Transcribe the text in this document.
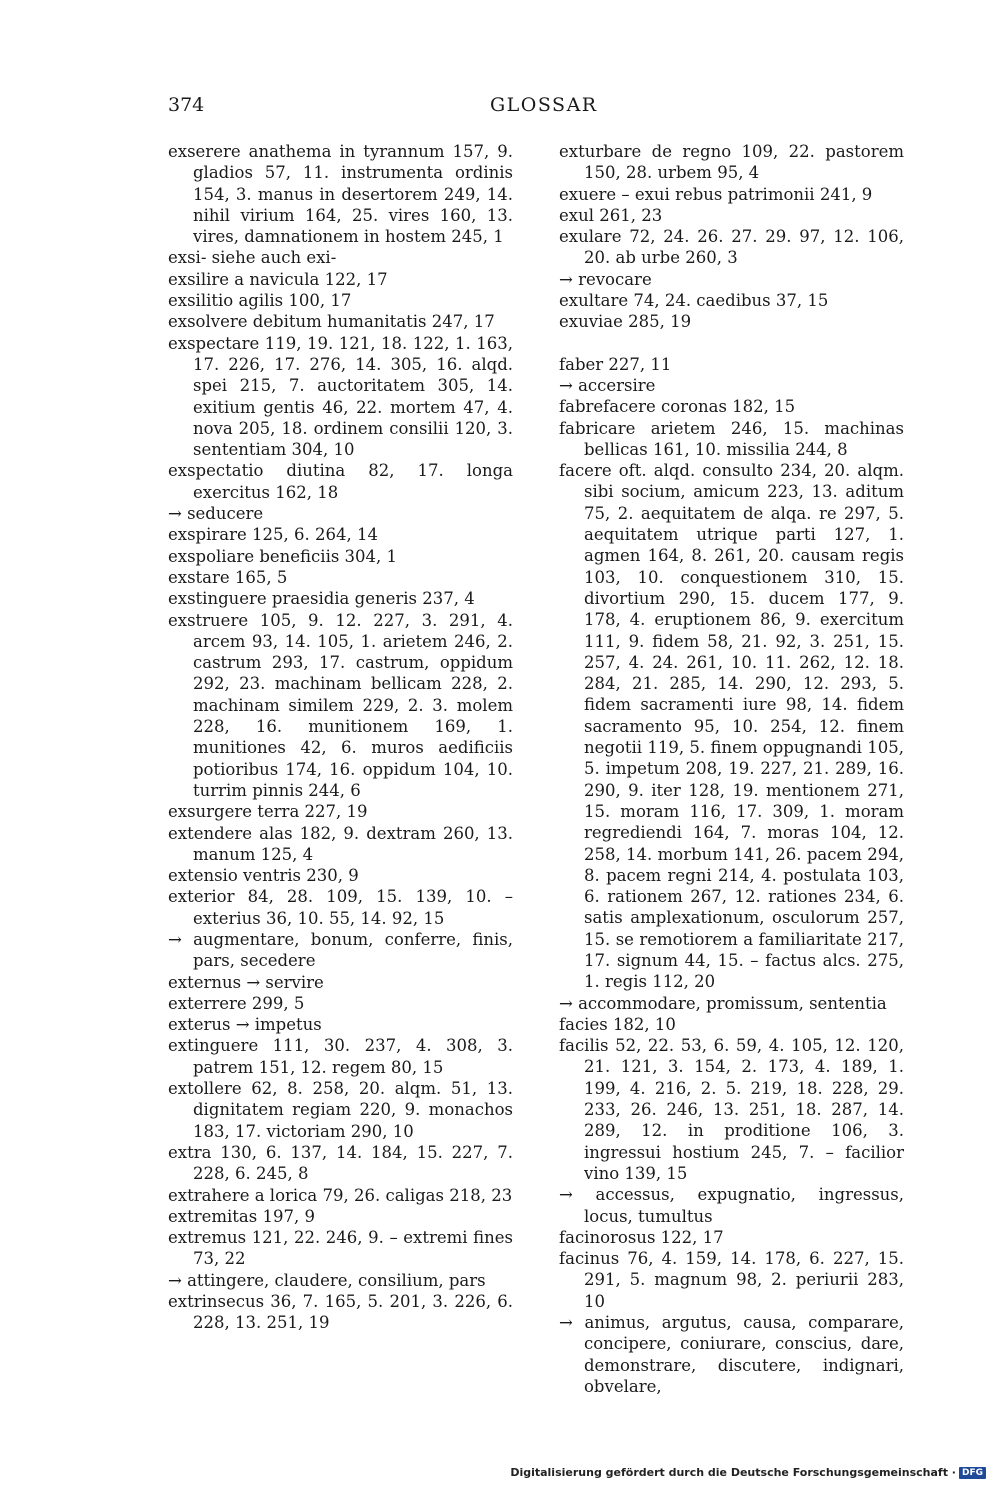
374	GLOSSAR

exserere anathema in tyrannum 157, 9. gladios 57, 11. instrumenta ordinis 154, 3. manus in desertorem 249, 14. nihil virium 164, 25. vires 160, 13. vires, damnationem in hostem 245, 1

exsi- siehe auch exi-

exsilire a navicula 122, 17

exsilitio agilis 100, 17

exsolvere debitum humanitatis 247, 17

exspectare 119, 19. 121, 18. 122, 1. 163, 17. 226, 17. 276, 14. 305, 16. alqd. spei 215, 7. auctoritatem 305, 14. exitium gentis 46, 22. mortem 47, 4. nova 205, 18. ordinem consilii 120, 3. sententiam 304, 10

exspectatio diutina 82, 17. longa exercitus 162, 18

→ seducere

exspirare 125, 6. 264, 14

exspoliare beneficiis 304, 1

exstare 165, 5

exstinguere praesidia generis 237, 4

exstruere 105, 9. 12. 227, 3. 291, 4. arcem 93, 14. 105, 1. arietem 246, 2. castrum 293, 17. castrum, oppidum 292, 23. machinam bellicam 228, 2. machinam similem 229, 2. 3. molem 228, 16. munitionem 169, 1. munitiones 42, 6. muros aedificiis potioribus 174, 16. oppidum 104, 10. turrim pinnis 244, 6

exsurgere terra 227, 19

extendere alas 182, 9. dextram 260, 13. manum 125, 4

extensio ventris 230, 9

exterior 84, 28. 109, 15. 139, 10. – exterius 36, 10. 55, 14. 92, 15

→ augmentare, bonum, conferre, finis, pars, secedere

externus → servire

exterrere 299, 5

exterus → impetus

extinguere 111, 30. 237, 4. 308, 3. patrem 151, 12. regem 80, 15

extollere 62, 8. 258, 20. alqm. 51, 13. dignitatem regiam 220, 9. monachos 183, 17. victoriam 290, 10

extra 130, 6. 137, 14. 184, 15. 227, 7. 228, 6. 245, 8

extrahere a lorica 79, 26. caligas 218, 23

extremitas 197, 9

extremus 121, 22. 246, 9. – extremi fines 73, 22

→ attingere, claudere, consilium, pars

extrinsecus 36, 7. 165, 5. 201, 3. 226, 6. 228, 13. 251, 19

exturbare de regno 109, 22. pastorem 150, 28. urbem 95, 4

exuere – exui rebus patrimonii 241, 9

exul 261, 23

exulare 72, 24. 26. 27. 29. 97, 12. 106, 20. ab urbe 260, 3

→ revocare

exultare 74, 24. caedibus 37, 15

exuviae 285, 19

faber 227, 11

→ accersire

fabrefacere coronas 182, 15

fabricare arietem 246, 15. machinas bellicas 161, 10. missilia 244, 8

facere oft. alqd. consulto 234, 20. alqm. sibi socium, amicum 223, 13. aditum 75, 2. aequitatem de alqa. re 297, 5. aequitatem utrique parti 127, 1. agmen 164, 8. 261, 20. causam regis 103, 10. conquestionem 310, 15. divortium 290, 15. ducem 177, 9. 178, 4. eruptionem 86, 9. exercitum 111, 9. fidem 58, 21. 92, 3. 251, 15. 257, 4. 24. 261, 10. 11. 262, 12. 18. 284, 21. 285, 14. 290, 12. 293, 5. fidem sacramenti iure 98, 14. fidem sacramento 95, 10. 254, 12. finem negotii 119, 5. finem oppugnandi 105, 5. impetum 208, 19. 227, 21. 289, 16. 290, 9. iter 128, 19. mentionem 271, 15. moram 116, 17. 309, 1. moram regrediendi 164, 7. moras 104, 12. 258, 14. morbum 141, 26. pacem 294, 8. pacem regni 214, 4. postulata 103, 6. rationem 267, 12. rationes 234, 6. satis amplexationum, osculorum 257, 15. se remotiorem a familiaritate 217, 17. signum 44, 15. – factus alcs. 275, 1. regis 112, 20

→ accommodare, promissum, sententia

facies 182, 10

facilis 52, 22. 53, 6. 59, 4. 105, 12. 120, 21. 121, 3. 154, 2. 173, 4. 189, 1. 199, 4. 216, 2. 5. 219, 18. 228, 29. 233, 26. 246, 13. 251, 18. 287, 14. 289, 12. in proditione 106, 3. ingressui hostium 245, 7. – facilior vino 139, 15

→ accessus, expugnatio, ingressus, locus, tumultus

facinorosus 122, 17

facinus 76, 4. 159, 14. 178, 6. 227, 15. 291, 5. magnum 98, 2. periurii 283, 10

→ animus, argutus, causa, comparare, concipere, coniurare, conscius, dare, demonstrare, discutere, indignari, obvelare,

Digitalisierung gefördert durch die Deutsche Forschungsgemeinschaft · DFG
